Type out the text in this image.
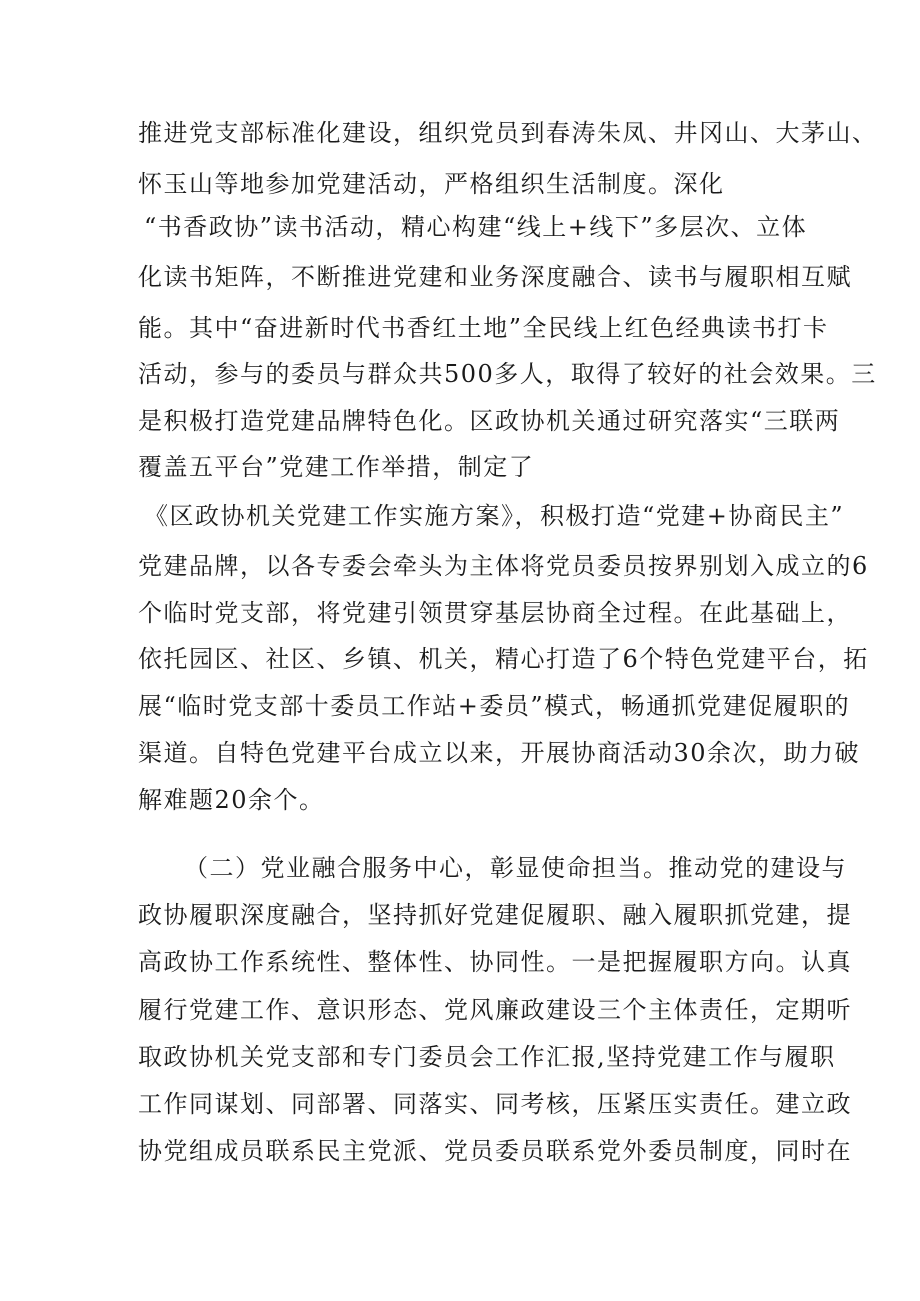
推进党支部标准化建设，组织党员到春涛朱凤、井冈山、大茅山、
怀玉山等地参加党建活动，严格组织生活制度。深化
“书香政协”读书活动，精心构建“线上+线下”多层次、立体
化读书矩阵，不断推进党建和业务深度融合、读书与履职相互赋
能。其中“奋进新时代书香红土地”全民线上红色经典读书打卡
活动，参与的委员与群众共500多人，取得了较好的社会效果。三
是积极打造党建品牌特色化。区政协机关通过研究落实“三联两
覆盖五平台”党建工作举措，制定了
《区政协机关党建工作实施方案》，积极打造“党建+协商民主”
党建品牌，以各专委会牵头为主体将党员委员按界别划入成立的6
个临时党支部，将党建引领贯穿基层协商全过程。在此基础上，
依托园区、社区、乡镇、机关，精心打造了6个特色党建平台，拓
展“临时党支部十委员工作站+委员”模式，畅通抓党建促履职的
渠道。自特色党建平台成立以来，开展协商活动30余次，助力破
解难题20余个。
（二）党业融合服务中心，彰显使命担当。推动党的建设与
政协履职深度融合，坚持抓好党建促履职、融入履职抓党建，提
高政协工作系统性、整体性、协同性。一是把握履职方向。认真
履行党建工作、意识形态、党风廉政建设三个主体责任，定期听
取政协机关党支部和专门委员会工作汇报,坚持党建工作与履职
工作同谋划、同部署、同落实、同考核，压紧压实责任。建立政
协党组成员联系民主党派、党员委员联系党外委员制度，同时在
